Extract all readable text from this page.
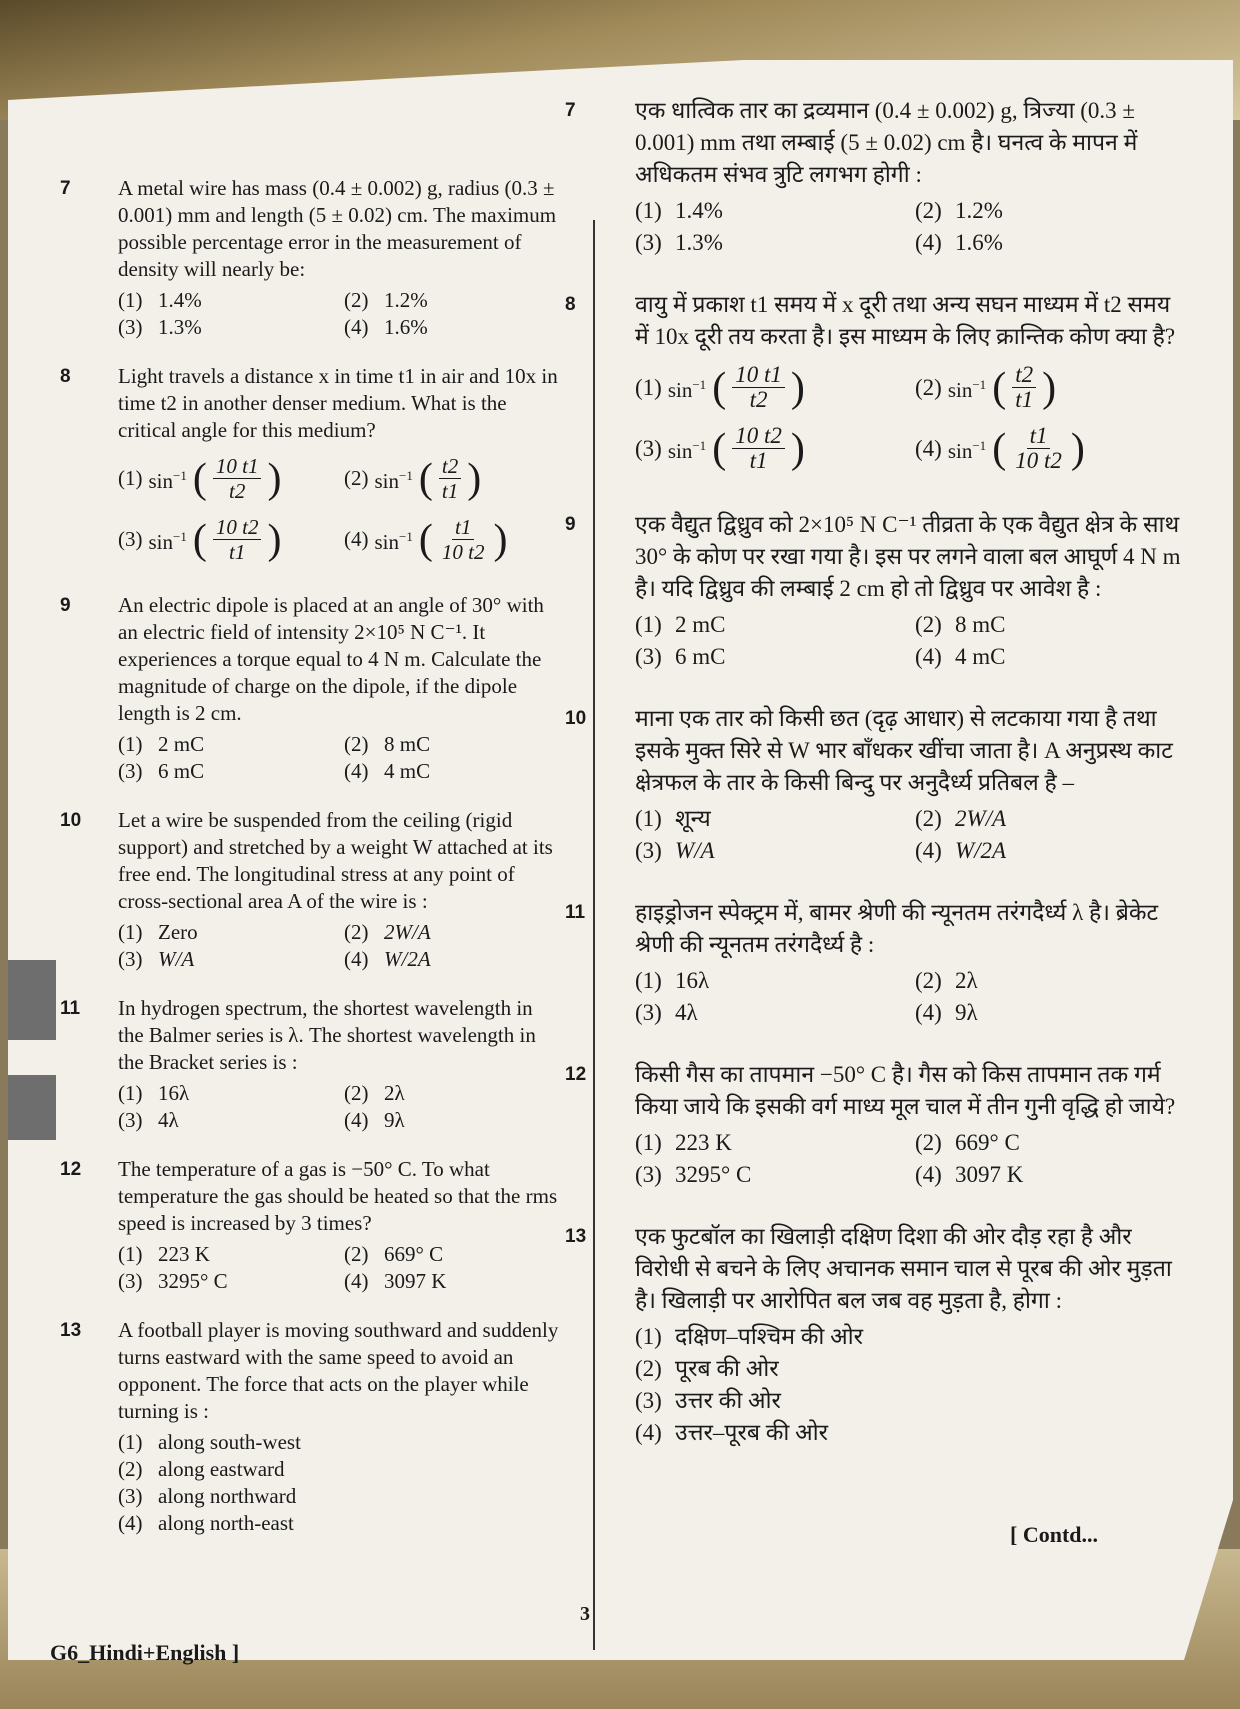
7 A metal wire has mass (0.4 ± 0.002) g, radius (0.3 ± 0.001) mm and length (5 ± 0.02) cm. The maximum possible percentage error in the measurement of density will nearly be:
(1) 1.4%	(2) 1.2%
(3) 1.3%	(4) 1.6%
8 Light travels a distance x in time t1 in air and 10x in time t2 in another denser medium. What is the critical angle for this medium?
(1) $\sin^{-1}$ ( $\frac{10 t1}{t2}$ )	(2) $\sin^{-1}$ ( $\frac{t2}{t1}$ )
(3) $\sin^{-1}$ ( $\frac{10 t2}{t1}$ )	(4) $\sin^{-1}$ ( $\frac{t1}{10 t2}$ )
9 An electric dipole is placed at an angle of 30° with an electric field of intensity 2×10⁵ N C⁻¹. It experiences a torque equal to 4 N m. Calculate the magnitude of charge on the dipole, if the dipole length is 2 cm.
(1) 2 mC	(2) 8 mC
(3) 6 mC	(4) 4 mC
10 Let a wire be suspended from the ceiling (rigid support) and stretched by a weight W attached at its free end. The longitudinal stress at any point of cross-sectional area A of the wire is :
(1) Zero	(2) 2W/A
(3) W/A	(4) W/2A
11 In hydrogen spectrum, the shortest wavelength in the Balmer series is λ. The shortest wavelength in the Bracket series is :
(1) 16λ	(2) 2λ
(3) 4λ	(4) 9λ
12 The temperature of a gas is −50° C. To what temperature the gas should be heated so that the rms speed is increased by 3 times?
(1) 223 K	(2) 669° C
(3) 3295° C	(4) 3097 K
13 A football player is moving southward and suddenly turns eastward with the same speed to avoid an opponent. The force that acts on the player while turning is :
(1) along south-west
(2) along eastward
(3) along northward
(4) along north-east
7	एक धात्विक तार का द्रव्यमान (0.4 ± 0.002) g, त्रिज्या (0.3 ± 0.001) mm तथा लम्बाई (5 ± 0.02) cm है। घनत्व के मापन में अधिकतम संभव त्रुटि लगभग होगी :
(1) 1.4%	(2) 1.2%
(3) 1.3%	(4) 1.6%
8	वायु में प्रकाश t1 समय में x दूरी तथा अन्य सघन माध्यम में t2 समय में 10x दूरी तय करता है। इस माध्यम के लिए क्रान्तिक कोण क्या है?
(1) $\sin^{-1}$ ( $\frac{10 t1}{t2}$ )	(2) $\sin^{-1}$ ( $\frac{t2}{t1}$ )
(3) $\sin^{-1}$ ( $\frac{10 t2}{t1}$ )	(4) $\sin^{-1}$ ( $\frac{t1}{10 t2}$ )
9	एक वैद्युत द्विध्रुव को 2×10⁵ N C⁻¹ तीव्रता के एक वैद्युत क्षेत्र के साथ 30° के कोण पर रखा गया है। इस पर लगने वाला बल आघूर्ण 4 N m है। यदि द्विध्रुव की लम्बाई 2 cm हो तो द्विध्रुव पर आवेश है :
(1) 2 mC	(2) 8 mC
(3) 6 mC	(4) 4 mC
10 माना एक तार को किसी छत (दृढ़ आधार) से लटकाया गया है तथा इसके मुक्त सिरे से W भार बाँधकर खींचा जाता है। A अनुप्रस्थ काट क्षेत्रफल के तार के किसी बिन्दु पर अनुदैर्ध्य प्रतिबल है –
(1) शून्य	(2) 2W/A
(3) W/A	(4) W/2A
11 हाइड्रोजन स्पेक्ट्रम में, बामर श्रेणी की न्यूनतम तरंगदैर्ध्य λ है। ब्रेकेट श्रेणी की न्यूनतम तरंगदैर्ध्य है :
(1) 16λ	(2) 2λ
(3) 4λ	(4) 9λ
12 किसी गैस का तापमान −50° C है। गैस को किस तापमान तक गर्म किया जाये कि इसकी वर्ग माध्य मूल चाल में तीन गुनी वृद्धि हो जाये?
(1) 223 K	(2) 669° C
(3) 3295° C	(4) 3097 K
13 एक फुटबॉल का खिलाड़ी दक्षिण दिशा की ओर दौड़ रहा है और विरोधी से बचने के लिए अचानक समान चाल से पूरब की ओर मुड़ता है। खिलाड़ी पर आरोपित बल जब वह मुड़ता है, होगा :
(1) दक्षिण–पश्चिम की ओर
(2) पूरब की ओर
(3) उत्तर की ओर
(4) उत्तर–पूरब की ओर
[ Contd...
3
G6_Hindi+English ]
